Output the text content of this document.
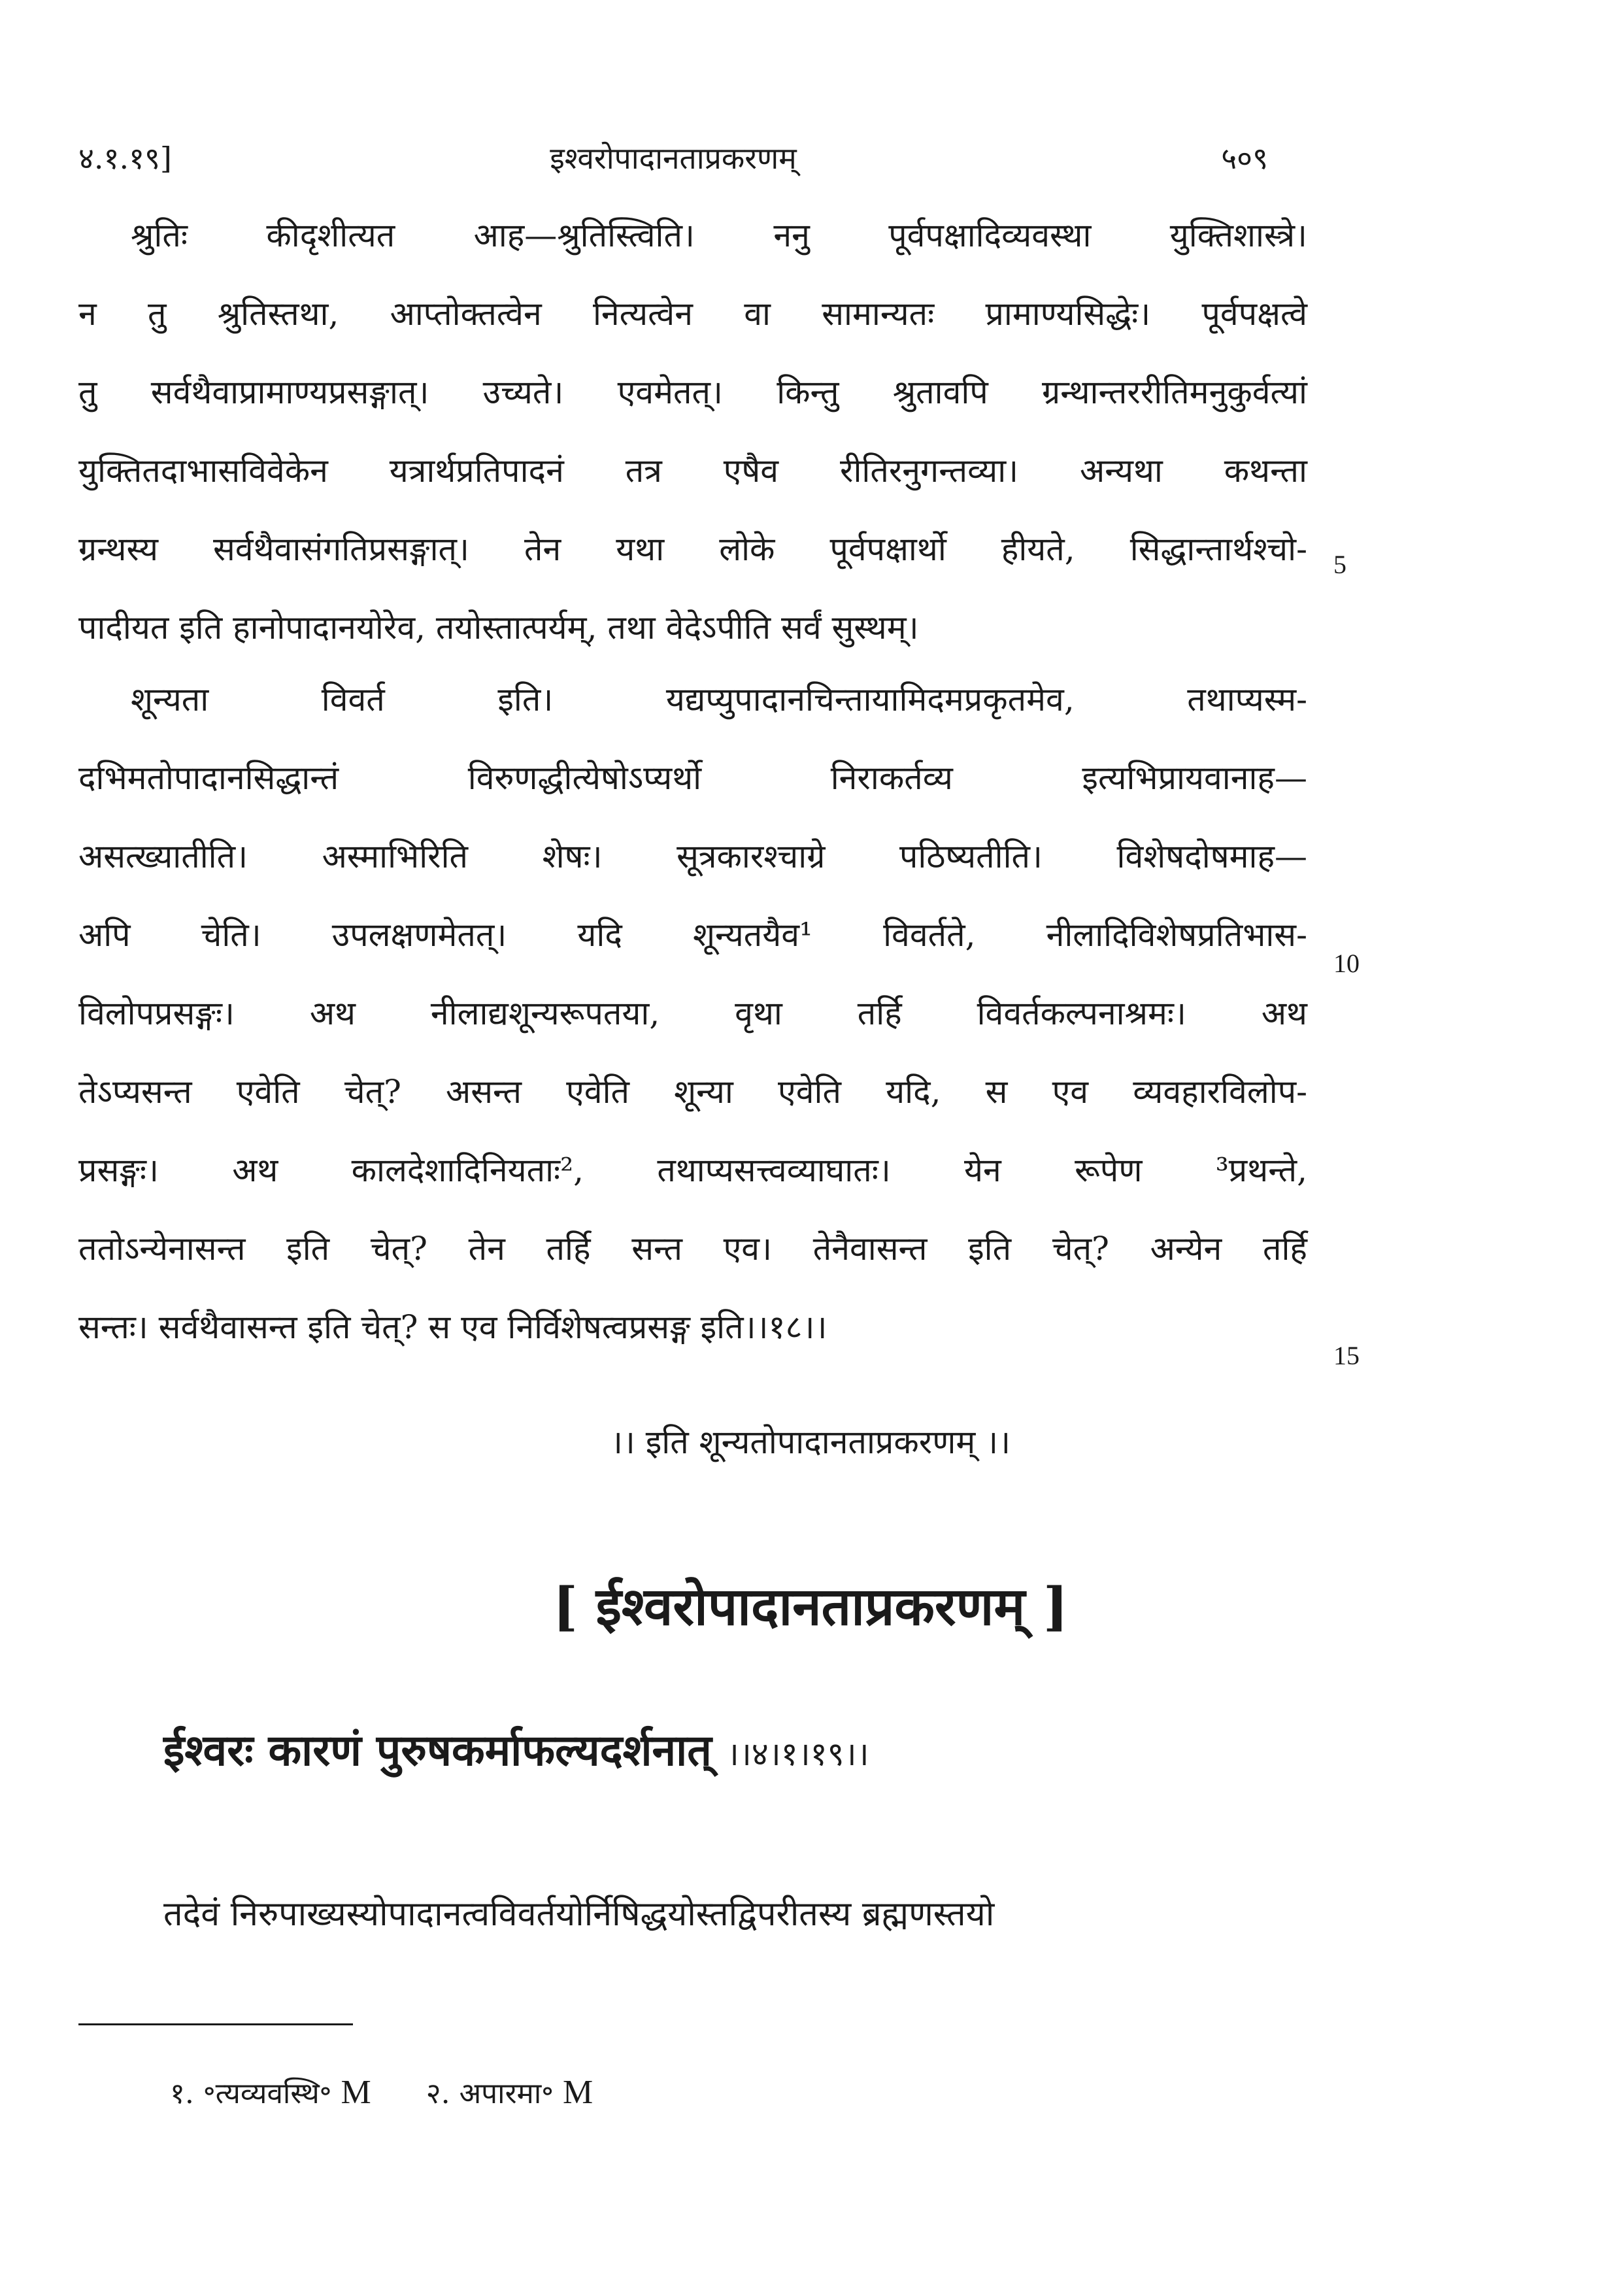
४.१.१९]	इश्वरोपादानताप्रकरणम्	५०९
श्रुतिः कीदृशीत्यत आह—श्रुतिस्त्विति। ननु पूर्वपक्षादिव्यवस्था युक्तिशास्त्रे।
न तु श्रुतिस्तथा, आप्तोक्तत्वेन नित्यत्वेन वा सामान्यतः प्रामाण्यसिद्धेः। पूर्वपक्षत्वे
तु सर्वथैवाप्रामाण्यप्रसङ्गात्। उच्यते। एवमेतत्। किन्तु श्रुतावपि ग्रन्थान्तररीतिमनुकुर्वत्यां
युक्तितदाभासविवेकेन यत्रार्थप्रतिपादनं तत्र एषैव रीतिरनुगन्तव्या। अन्यथा कथन्ता
ग्रन्थस्य सर्वथैवासंगतिप्रसङ्गात्। तेन यथा लोके पूर्वपक्षार्थो हीयते, सिद्धान्तार्थश्चो-
पादीयत इति हानोपादानयोरेव, तयोस्तात्पर्यम्, तथा वेदेऽपीति सर्वं सुस्थम्।
शून्यता विवर्त इति। यद्यप्युपादानचिन्तायामिदमप्रकृतमेव, तथाप्यस्म-
दभिमतोपादानसिद्धान्तं विरुणद्धीत्येषोऽप्यर्थो निराकर्तव्य इत्यभिप्रायवानाह—
असत्ख्यातीति। अस्माभिरिति शेषः। सूत्रकारश्चाग्रे पठिष्यतीति। विशेषदोषमाह—
अपि चेति। उपलक्षणमेतत्। यदि शून्यतयैव¹ विवर्तते, नीलादिविशेषप्रतिभास-
विलोपप्रसङ्गः। अथ नीलाद्यशून्यरूपतया, वृथा तर्हि विवर्तकल्पनाश्रमः। अथ
तेऽप्यसन्त एवेति चेत्? असन्त एवेति शून्या एवेति यदि, स एव व्यवहारविलोप-
प्रसङ्गः। अथ कालदेशादिनियताः², तथाप्यसत्त्वव्याघातः। येन रूपेण ³प्रथन्ते,
ततोऽन्येनासन्त इति चेत्? तेन तर्हि सन्त एव। तेनैवासन्त इति चेत्? अन्येन तर्हि
सन्तः। सर्वथैवासन्त इति चेत्? स एव निर्विशेषत्वप्रसङ्ग इति।।१८।।
5
10
15
।। इति शून्यतोपादानताप्रकरणम् ।।
[ ईश्वरोपादानताप्रकरणम् ]
ईश्वरः कारणं पुरुषकर्माफल्यदर्शनात् ।।४।१।१९।।
तदेवं निरुपाख्यस्योपादानत्वविवर्तयोर्निषिद्धयोस्तद्विपरीतस्य ब्रह्मणस्तयो
१. ॰त्यव्यवस्थि॰ M २. अपारमा॰ M
